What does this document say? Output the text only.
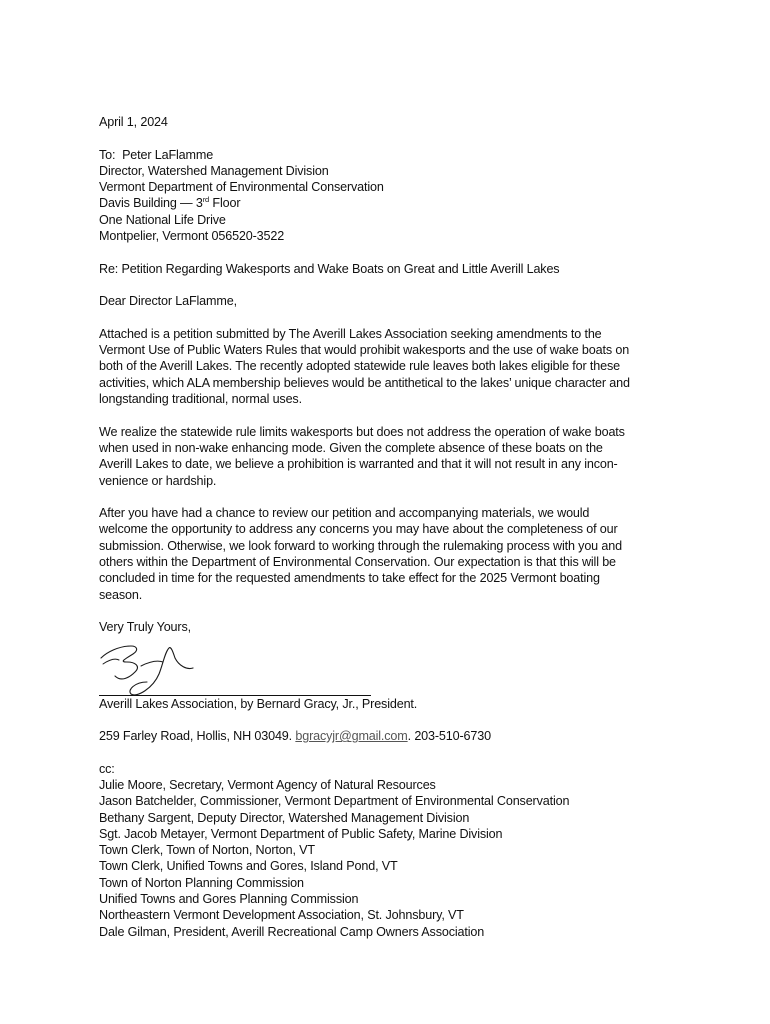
April 1, 2024
To: Peter LaFlamme
Director, Watershed Management Division
Vermont Department of Environmental Conservation
Davis Building — 3rd Floor
One National Life Drive
Montpelier, Vermont 056520-3522
Re: Petition Regarding Wakesports and Wake Boats on Great and Little Averill Lakes
Dear Director LaFlamme,
Attached is a petition submitted by The Averill Lakes Association seeking amendments to the
Vermont Use of Public Waters Rules that would prohibit wakesports and the use of wake boats on
both of the Averill Lakes. The recently adopted statewide rule leaves both lakes eligible for these
activities, which ALA membership believes would be antithetical to the lakes’ unique character and
longstanding traditional, normal uses.
We realize the statewide rule limits wakesports but does not address the operation of wake boats
when used in non-wake enhancing mode. Given the complete absence of these boats on the
Averill Lakes to date, we believe a prohibition is warranted and that it will not result in any incon-
venience or hardship.
After you have had a chance to review our petition and accompanying materials, we would
welcome the opportunity to address any concerns you may have about the completeness of our
submission. Otherwise, we look forward to working through the rulemaking process with you and
others within the Department of Environmental Conservation. Our expectation is that this will be
concluded in time for the requested amendments to take effect for the 2025 Vermont boating
season.
Very Truly Yours,
Averill Lakes Association, by Bernard Gracy, Jr., President.
259 Farley Road, Hollis, NH 03049. bgracyjr@gmail.com. 203-510-6730
cc:
Julie Moore, Secretary, Vermont Agency of Natural Resources
Jason Batchelder, Commissioner, Vermont Department of Environmental Conservation
Bethany Sargent, Deputy Director, Watershed Management Division
Sgt. Jacob Metayer, Vermont Department of Public Safety, Marine Division
Town Clerk, Town of Norton, Norton, VT
Town Clerk, Unified Towns and Gores, Island Pond, VT
Town of Norton Planning Commission
Unified Towns and Gores Planning Commission
Northeastern Vermont Development Association, St. Johnsbury, VT
Dale Gilman, President, Averill Recreational Camp Owners Association
